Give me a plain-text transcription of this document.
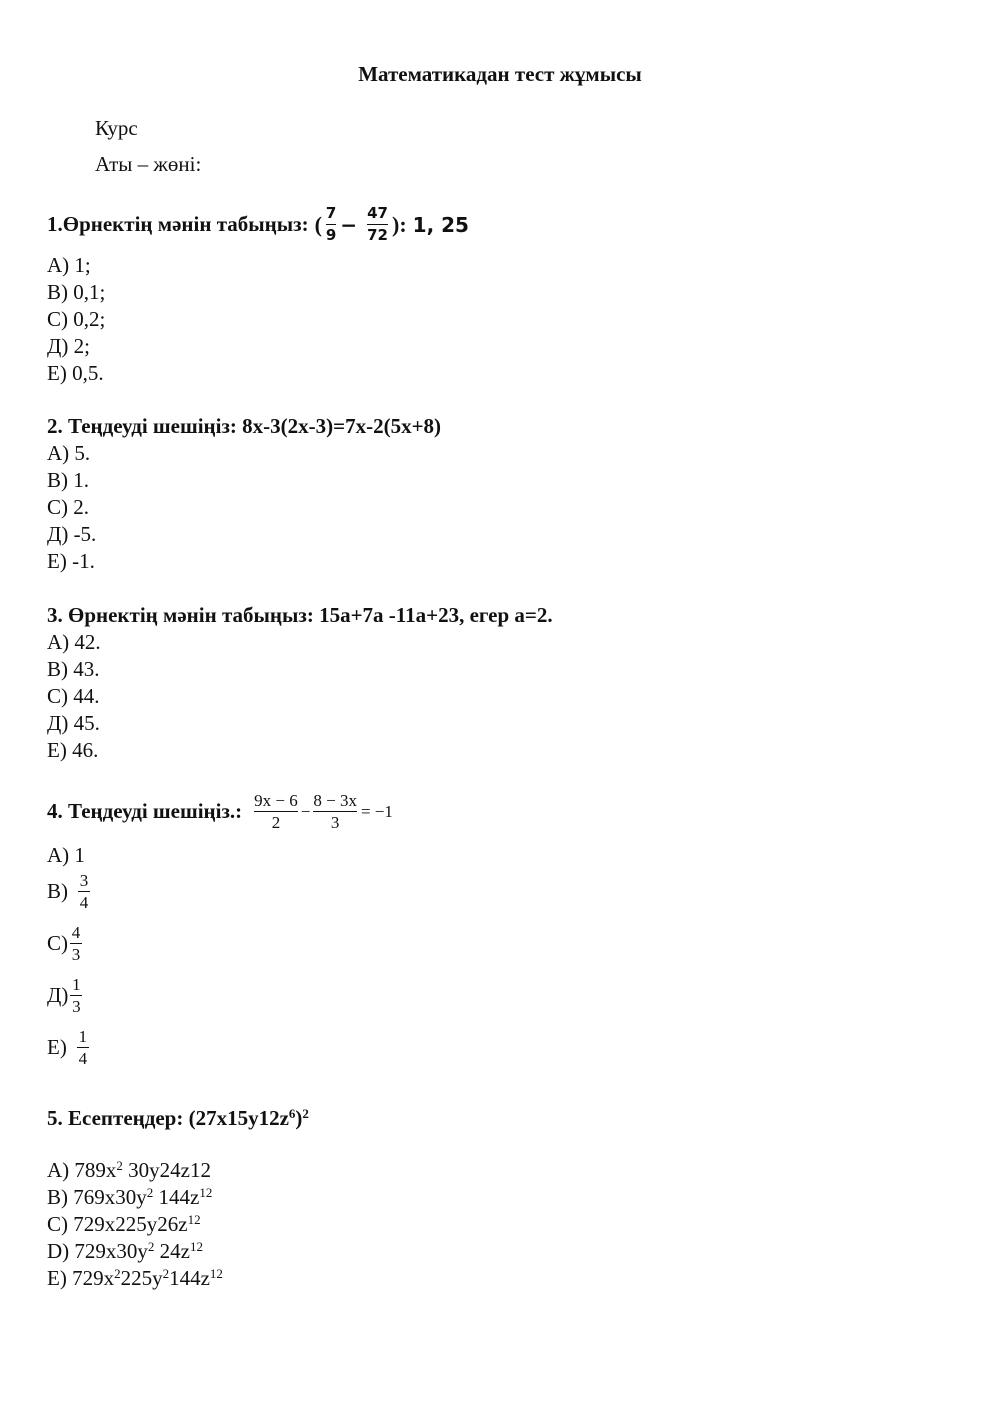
Математикадан тест жұмысы
Курс
Аты – жөні:
1.Өрнектің мәнін табыңыз: ( $\frac{7}{9} - \frac{47}{72}$ ): 1, 25
А) 1;
В) 0,1;
С) 0,2;
Д) 2;
Е) 0,5.
2. Теңдеуді шешіңіз: 8х-3(2х-3)=7х-2(5х+8)
А) 5.
В) 1.
С) 2.
Д) -5.
Е) -1.
3. Өрнектің мәнін табыңыз: 15а+7а -11а+23, егер а=2.
А) 42.
В) 43.
С) 44.
Д) 45.
Е) 46.
4. Теңдеуді шешіңіз.: $\frac{9x - 6}{2} - \frac{8 - 3x}{3} = -1$
А) 1
$В) \frac{3}{4}$
$С) \frac{4}{3}$
$Д) \frac{1}{3}$
$Е) \frac{1}{4}$
5. Есептеңдер: $(27х15у12z^6)^2$
А) $789х^2$ 30у24z12
В) $769х30у^2$ $144z^{12}$
С) $729х225у26z^{12}$
D) $729х30у^2$ $24z^{12}$
Е) $729х^2225у^2144z^{12}$
